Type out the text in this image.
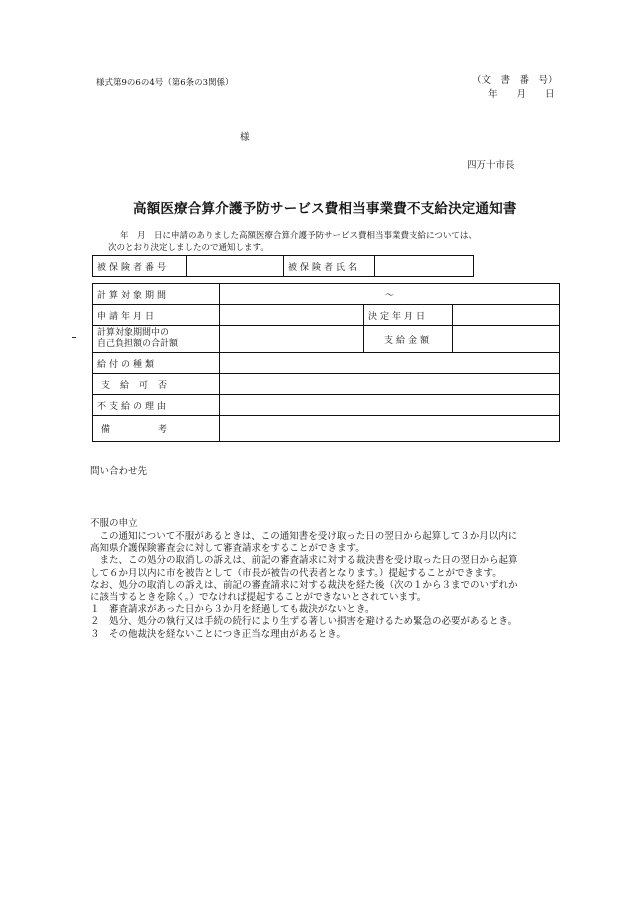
様式第9の6の4号（第6条の3関係）	（文　書　番　号）
年　　月　　日
様
四万十市長
高額医療合算介護予防サービス費相当事業費不支給決定通知書
年　月　日に申請のありました高額医療合算介護予防サービス費相当事業費支給については、
次のとおり決定しましたので通知します。
被保険者番号		被保険者氏名	
計算対象期間	～		
申請年月日		決定年月日	

計算対象期間中の
自己負担額の合計額		支給金額	
給付の種類			
支給可否			
不支給の理由			
備考			
問い合わせ先
不服の申立
　この通知について不服があるときは、この通知書を受け取った日の翌日から起算して３か月以内に
高知県介護保険審査会に対して審査請求をすることができます。
　また、この処分の取消しの訴えは、前記の審査請求に対する裁決書を受け取った日の翌日から起算
して６か月以内に市を被告として（市長が被告の代表者となります。）提起することができます。
なお、処分の取消しの訴えは、前記の審査請求に対する裁決を経た後（次の１から３までのいずれか
に該当するときを除く。）でなければ提起することができないとされています。
１　審査請求があった日から３か月を経過しても裁決がないとき。
２　処分、処分の執行又は手続の続行により生ずる著しい損害を避けるため緊急の必要があるとき。
３　その他裁決を経ないことにつき正当な理由があるとき。
